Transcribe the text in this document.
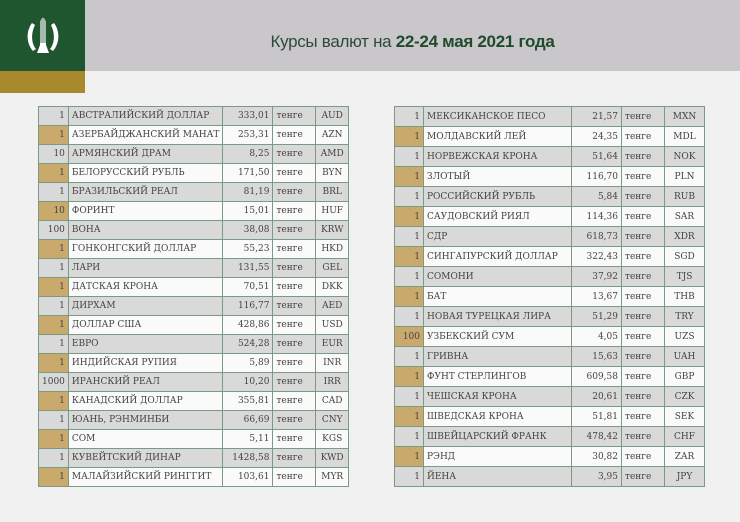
Курсы валют на 22-24 мая 2021 года
1	АВСТРАЛИЙСКИЙ ДОЛЛАР	333,01	тенге	AUD
1	АЗЕРБАЙДЖАНСКИЙ МАНАТ	253,31	тенге	AZN
10	АРМЯНСКИЙ ДРАМ	8,25	тенге	AMD
1	БЕЛОРУССКИЙ РУБЛЬ	171,50	тенге	BYN
1	БРАЗИЛЬСКИЙ РЕАЛ	81,19	тенге	BRL
10	ФОРИНТ	15,01	тенге	HUF
100	ВОНА	38,08	тенге	KRW
1	ГОНКОНГСКИЙ ДОЛЛАР	55,23	тенге	HKD
1	ЛАРИ	131,55	тенге	GEL
1	ДАТСКАЯ КРОНА	70,51	тенге	DKK
1	ДИРХАМ	116,77	тенге	AED
1	ДОЛЛАР США	428,86	тенге	USD
1	ЕВРО	524,28	тенге	EUR
1	ИНДИЙСКАЯ РУПИЯ	5,89	тенге	INR
1000	ИРАНСКИЙ РЕАЛ	10,20	тенге	IRR
1	КАНАДСКИЙ ДОЛЛАР	355,81	тенге	CAD
1	ЮАНЬ, РЭНМИНБИ	66,69	тенге	CNY
1	СОМ	5,11	тенге	KGS
1	КУВЕЙТСКИЙ ДИНАР	1428,58	тенге	KWD
1	МАЛАЙЗИЙСКИЙ РИНГГИТ	103,61	тенге	MYR
1	МЕКСИКАНСКОЕ ПЕСО	21,57	тенге	MXN
1	МОЛДАВСКИЙ ЛЕЙ	24,35	тенге	MDL
1	НОРВЕЖСКАЯ КРОНА	51,64	тенге	NOK
1	ЗЛОТЫЙ	116,70	тенге	PLN
1	РОССИЙСКИЙ РУБЛЬ	5,84	тенге	RUB
1	САУДОВСКИЙ РИЯЛ	114,36	тенге	SAR
1	СДР	618,73	тенге	XDR
1	СИНГАПУРСКИЙ ДОЛЛАР	322,43	тенге	SGD
1	СОМОНИ	37,92	тенге	TJS
1	БАТ	13,67	тенге	THB
1	НОВАЯ ТУРЕЦКАЯ ЛИРА	51,29	тенге	TRY
100	УЗБЕКСКИЙ СУМ	4,05	тенге	UZS
1	ГРИВНА	15,63	тенге	UAH
1	ФУНТ СТЕРЛИНГОВ	609,58	тенге	GBP
1	ЧЕШСКАЯ КРОНА	20,61	тенге	CZK
1	ШВЕДСКАЯ КРОНА	51,81	тенге	SEK
1	ШВЕЙЦАРСКИЙ ФРАНК	478,42	тенге	CHF
1	РЭНД	30,82	тенге	ZAR
1	ЙЕНА	3,95	тенге	JPY
